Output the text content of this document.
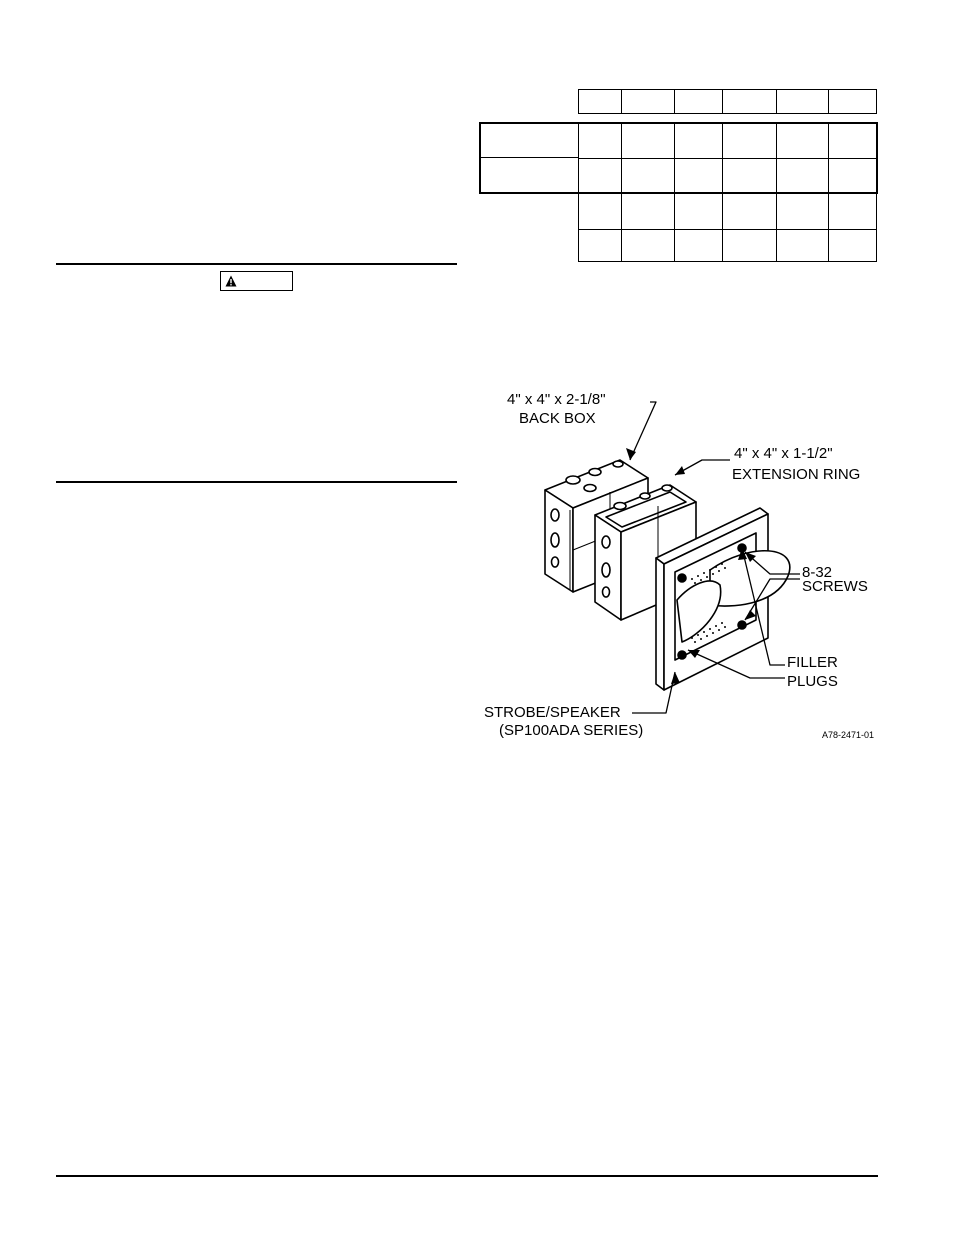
4" x 4" x 2-1/8"
BACK BOX
4" x 4" x 1-1/2"
EXTENSION RING
8-32
SCREWS
FILLER
PLUGS
STROBE/SPEAKER
(SP100ADA SERIES)	A78-2471-01
